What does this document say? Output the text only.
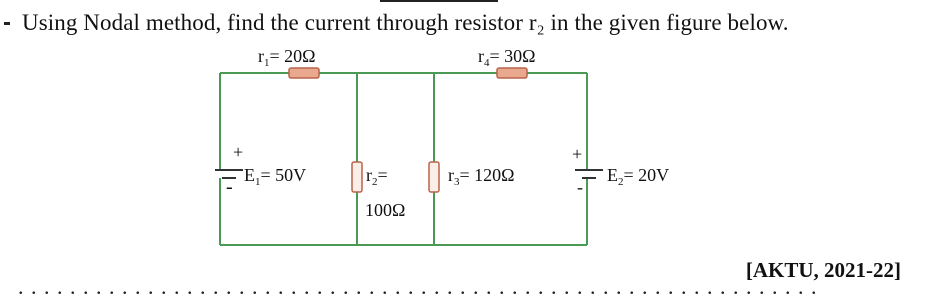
Using Nodal method, find the current through resistor r₂ in the given figure below.
$r_1= 20\Omega$	$r_4= 30\Omega$
+
-
$E_1= 50V$	$r_2=$
100Ω
$r_3= 120\Omega$
+
-
$E_2= 20V$
[AKTU, 2021-22]
. . . . . . . . . . . . . . . . . . . . . . . . . . . . . . . . . . . . . . . . . . . . . . . . . . . . . . . . . . . . . .
